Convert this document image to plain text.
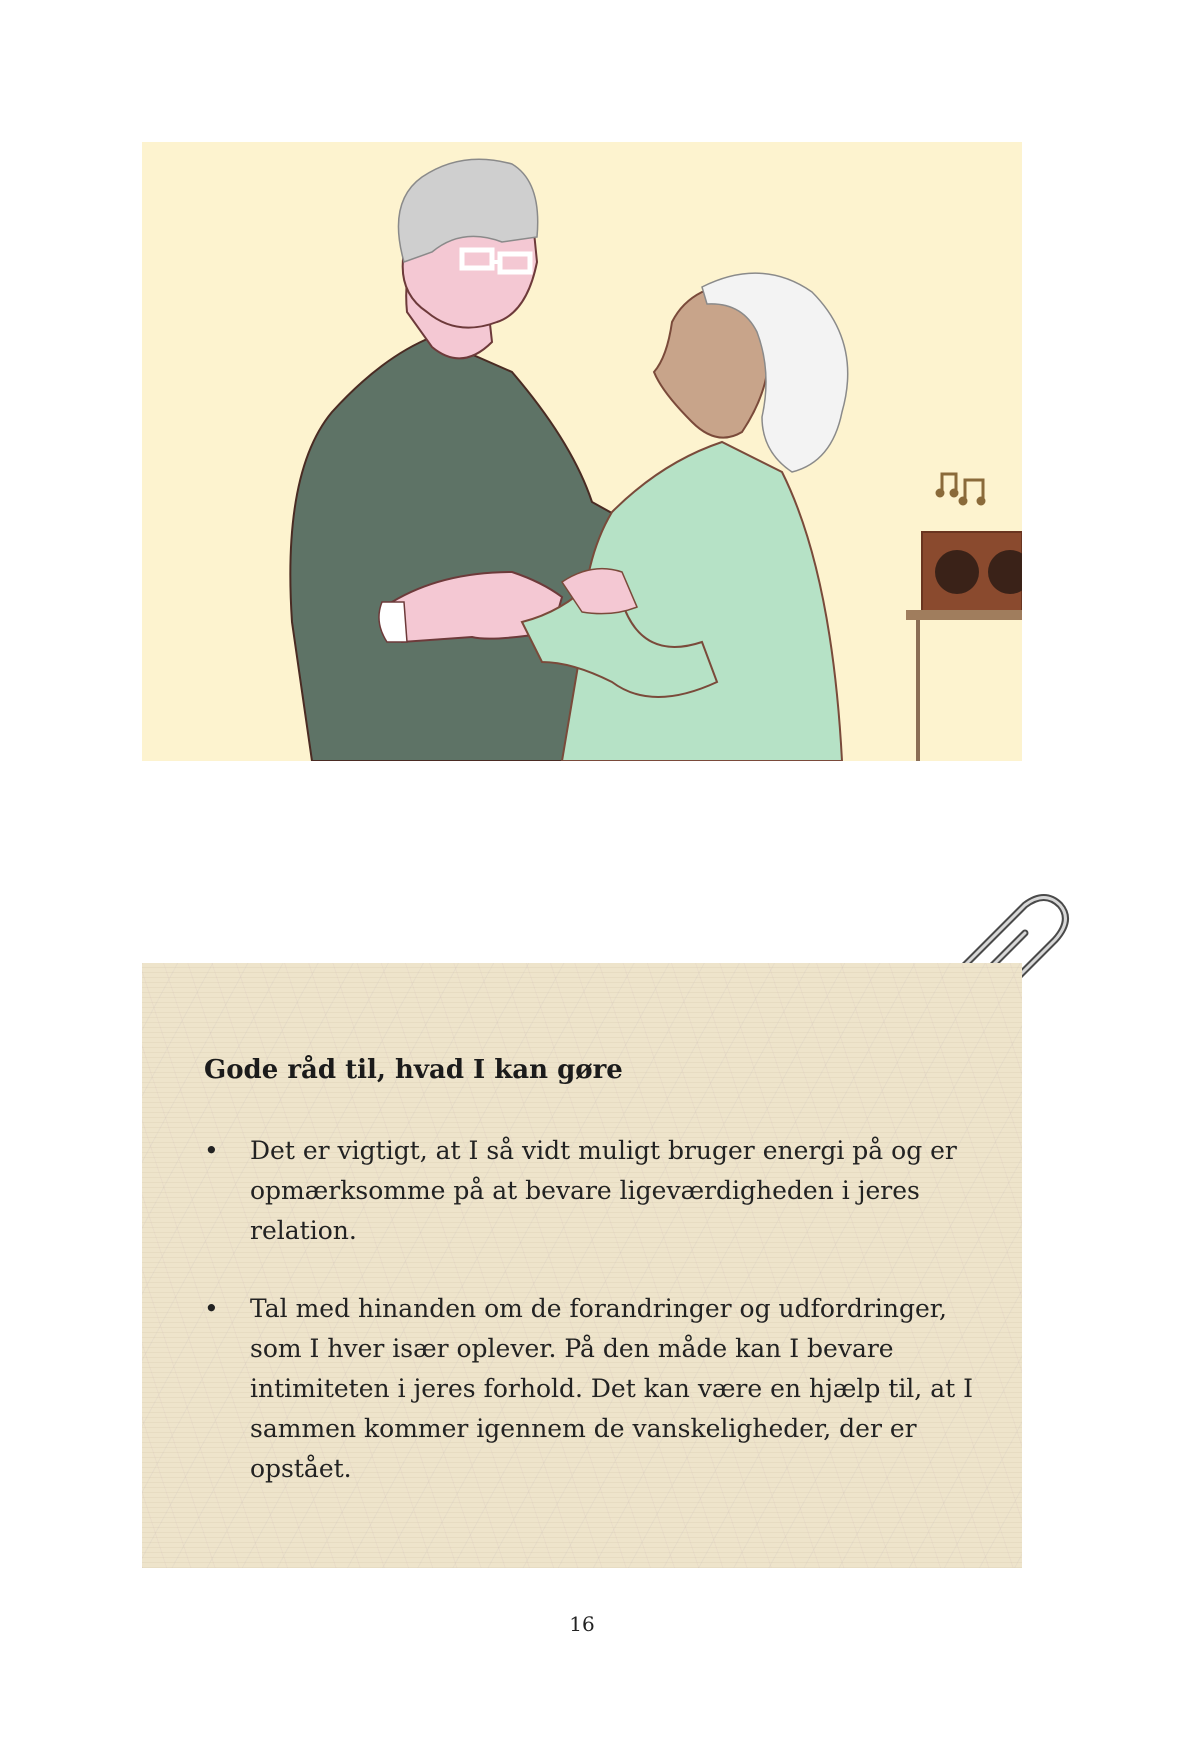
Gode råd til, hvad I kan gøre
• Det er vigtigt, at I så vidt muligt bruger energi på og er opmærksomme på at bevare ligeværdigheden i jeres relation.
• Tal med hinanden om de forandringer og udfordringer, som I hver især oplever. På den måde kan I bevare intimiteten i jeres forhold. Det kan være en hjælp til, at I sammen kommer igennem de vanskeligheder, der er opstået.
16
